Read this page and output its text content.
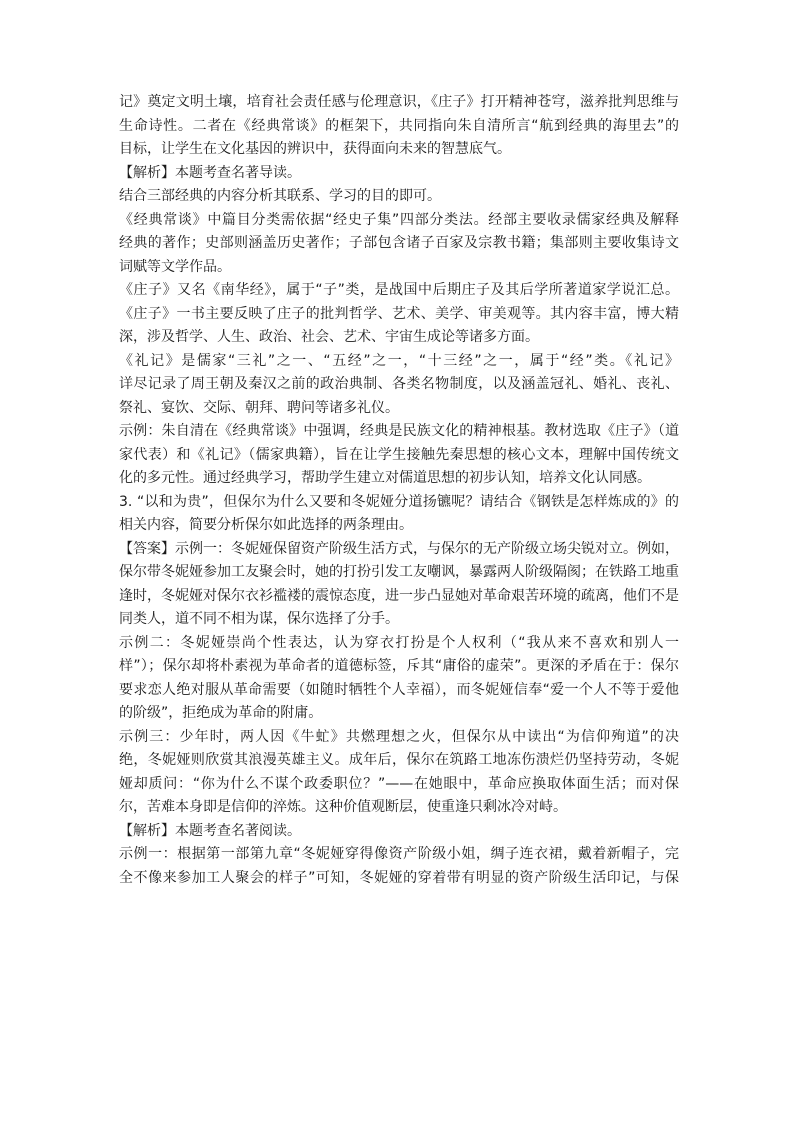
记》奠定文明土壤，培育社会责任感与伦理意识，《庄子》打开精神苍穹，滋养批判思维与
生命诗性。二者在《经典常谈》的框架下，共同指向朱自清所言“航到经典的海里去”的
目标，让学生在文化基因的辨识中，获得面向未来的智慧底气。
【解析】本题考查名著导读。
结合三部经典的内容分析其联系、学习的目的即可。
《经典常谈》中篇目分类需依据“经史子集”四部分类法。经部主要收录儒家经典及解释
经典的著作；史部则涵盖历史著作；子部包含诸子百家及宗教书籍；集部则主要收集诗文
词赋等文学作品。
《庄子》又名《南华经》，属于“子”类，是战国中后期庄子及其后学所著道家学说汇总。
《庄子》一书主要反映了庄子的批判哲学、艺术、美学、审美观等。其内容丰富，博大精
深，涉及哲学、人生、政治、社会、艺术、宇宙生成论等诸多方面。
《礼记》是儒家“三礼”之一、“五经”之一，“十三经”之一，属于“经”类。《礼记》
详尽记录了周王朝及秦汉之前的政治典制、各类名物制度，以及涵盖冠礼、婚礼、丧礼、
祭礼、宴饮、交际、朝拜、聘问等诸多礼仪。
示例：朱自清在《经典常谈》中强调，经典是民族文化的精神根基。教材选取《庄子》（道
家代表）和《礼记》（儒家典籍），旨在让学生接触先秦思想的核心文本，理解中国传统文
化的多元性。通过经典学习，帮助学生建立对儒道思想的初步认知，培养文化认同感。
3. “以和为贵”，但保尔为什么又要和冬妮娅分道扬镳呢？请结合《钢铁是怎样炼成的》的
相关内容，简要分析保尔如此选择的两条理由。
【答案】示例一：冬妮娅保留资产阶级生活方式，与保尔的无产阶级立场尖锐对立。例如，
保尔带冬妮娅参加工友聚会时，她的打扮引发工友嘲讽，暴露两人阶级隔阂；在铁路工地重
逢时，冬妮娅对保尔衣衫褴褛的震惊态度，进一步凸显她对革命艰苦环境的疏离，他们不是
同类人，道不同不相为谋，保尔选择了分手。
示例二：冬妮娅崇尚个性表达，认为穿衣打扮是个人权利（“我从来不喜欢和别人一
样”）；保尔却将朴素视为革命者的道德标签，斥其“庸俗的虚荣”。更深的矛盾在于：保尔
要求恋人绝对服从革命需要（如随时牺牲个人幸福），而冬妮娅信奉“爱一个人不等于爱他
的阶级”，拒绝成为革命的附庸。
示例三：少年时，两人因《牛虻》共燃理想之火，但保尔从中读出“为信仰殉道”的决
绝，冬妮娅则欣赏其浪漫英雄主义。成年后，保尔在筑路工地冻伤溃烂仍坚持劳动，冬妮
娅却质问：“你为什么不谋个政委职位？”——在她眼中，革命应换取体面生活；而对保
尔，苦难本身即是信仰的淬炼。这种价值观断层，使重逢只剩冰冷对峙。
【解析】本题考查名著阅读。
示例一：根据第一部第九章“冬妮娅穿得像资产阶级小姐，绸子连衣裙，戴着新帽子，完
全不像来参加工人聚会的样子”可知，冬妮娅的穿着带有明显的资产阶级生活印记，与保
